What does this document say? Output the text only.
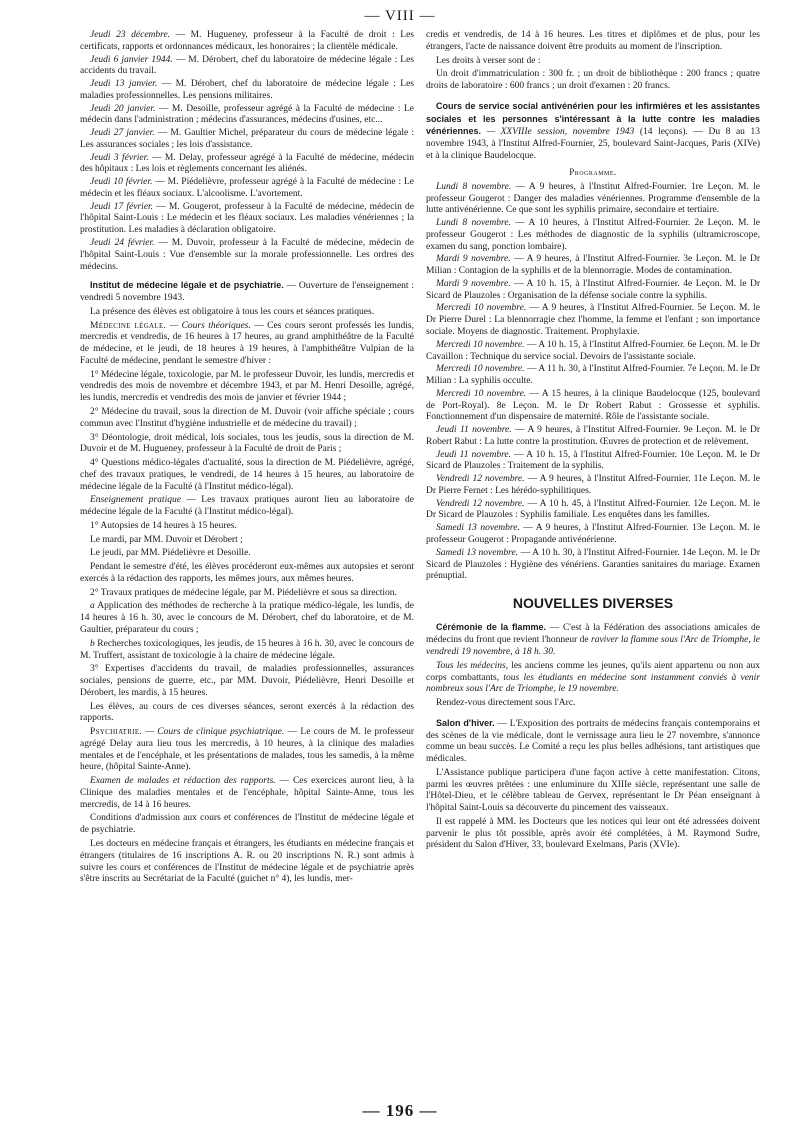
— VIII —

Jeudi 23 décembre. — M. Hugueney, professeur à la Faculté de droit : Les certificats, rapports et ordonnances médicaux, les honoraires ; la clientèle médicale.

Jeudi 6 janvier 1944. — M. Dérobert, chef du laboratoire de médecine légale : Les accidents du travail.

Jeudi 13 janvier. — M. Dérobert, chef du laboratoire de médecine légale : Les maladies professionnelles. Les pensions militaires.

Jeudi 20 janvier. — M. Desoille, professeur agrégé à la Faculté de médecine : Le médecin dans l'administration ; médecins d'assurances, médecins d'usines, etc...

Jeudi 27 janvier. — M. Gaultier Michel, préparateur du cours de médecine légale : Les assurances sociales ; les lois d'assistance.

Jeudi 3 février. — M. Delay, professeur agrégé à la Faculté de médecine, médecin des hôpitaux : Les lois et règlements concernant les aliénés.

Jeudi 10 février. — M. Piédelièvre, professeur agrégé à la Faculté de médecine : Le médecin et les fléaux sociaux. L'alcoolisme. L'avortement.

Jeudi 17 février. — M. Gougerot, professeur à la Faculté de médecine, médecin de l'hôpital Saint-Louis : Le médecin et les fléaux sociaux. Les maladies vénériennes ; la prostitution. Les maladies à déclaration obligatoire.

Jeudi 24 février. — M. Duvoir, professeur à la Faculté de médecine, médecin de l'hôpital Saint-Louis : Vue d'ensemble sur la morale professionnelle. Les ordres des médecins.

Institut de médecine légale et de psychiatrie. — Ouverture de l'enseignement : vendredi 5 novembre 1943.

La présence des élèves est obligatoire à tous les cours et séances pratiques.

Médecine légale. — Cours théoriques. — Ces cours seront professés les lundis, mercredis et vendredis, de 16 heures à 17 heures, au grand amphithéâtre de la Faculté de médecine, et le jeudi, de 18 heures à 19 heures, à l'amphithéâtre Vulpian de la Faculté de médecine, pendant le semestre d'hiver :

1° Médecine légale, toxicologie, par M. le professeur Duvoir, les lundis, mercredis et vendredis des mois de novembre et décembre 1943, et par M. Henri Desoille, agrégé, les lundis, mercredis et vendredis des mois de janvier et février 1944 ;

2° Médecine du travail, sous la direction de M. Duvoir (voir affiche spéciale ; cours commun avec l'Institut d'hygiène industrielle et de médecine du travail) ;

3° Déontologie, droit médical, lois sociales, tous les jeudis, sous la direction de M. Duvoir et de M. Hugueney, professeur à la Faculté de droit de Paris ;

4° Questions médico-légales d'actualité, sous la direction de M. Piédelièvre, agrégé, chef des travaux pratiques, le vendredi, de 14 heures à 15 heures, au laboratoire de médecine légale de la Faculté (à l'Institut médico-légal).

Enseignement pratique — Les travaux pratiques auront lieu au laboratoire de médecine légale de la Faculté (à l'Institut médico-légal).

1° Autopsies de 14 heures à 15 heures.

Le mardi, par MM. Duvoir et Dérobert ;

Le jeudi, par MM. Piédelièvre et Desoille.

Pendant le semestre d'été, les élèves procéderont eux-mêmes aux autopsies et seront exercés à la rédaction des rapports, les mêmes jours, aux mêmes heures.

2° Travaux pratiques de médecine légale, par M. Piédelièvre et sous sa direction.

a Application des méthodes de recherche à la pratique médico-légale, les lundis, de 14 heures à 16 h. 30, avec le concours de M. Dérobert, chef du laboratoire, et de M. Gaultier, préparateur du cours ;

b Recherches toxicologiques, les jeudis, de 15 heures à 16 h. 30, avec le concours de M. Truffert, assistant de toxicologie à la chaire de médecine légale.

3° Expertises d'accidents du travail, de maladies professionnelles, assurances sociales, pensions de guerre, etc., par MM. Duvoir, Piédelièvre, Henri Desoille et Dérobert, les mardis, à 15 heures.

Les élèves, au cours de ces diverses séances, seront exercés à la rédaction des rapports.

Psychiatrie. — Cours de clinique psychiatrique. — Le cours de M. le professeur agrégé Delay aura lieu tous les mercredis, à 10 heures, à la clinique des maladies mentales et de l'encéphale, et les présentations de malades, tous les samedis, à la même heure, (hôpital Sainte-Anne).

Examen de malades et rédaction des rapports. — Ces exercices auront lieu, à la Clinique des maladies mentales et de l'encéphale, hôpital Sainte-Anne, tous les mercredis, de 14 à 16 heures.

Conditions d'admission aux cours et conférences de l'Institut de médecine légale et de psychiatrie.

Les docteurs en médecine français et étrangers, les étudiants en médecine français et étrangers (titulaires de 16 inscriptions A. R. ou 20 inscriptions N. R.) sont admis à suivre les cours et conférences de l'Institut de médecine légale et de psychiatrie après s'être inscrits au Secrétariat de la Faculté (guichet n° 4), les lundis, mer-

credis et vendredis, de 14 à 16 heures. Les titres et diplômes et de plus, pour les étrangers, l'acte de naissance doivent être produits au moment de l'inscription.

Les droits à verser sont de :

Un droit d'immatriculation : 300 fr. ; un droit de bibliothèque : 200 francs ; quatre droits de laboratoire : 600 francs ; un droit d'examen : 20 francs.

Cours de service social antivénérien pour les infirmières et les assistantes sociales et les personnes s'intéressant à la lutte contre les maladies vénériennes. — XXVIIIe session, novembre 1943 (14 leçons). — Du 8 au 13 novembre 1943, à l'Institut Alfred-Fournier, 25, boulevard Saint-Jacques, Paris (XIVe) et à la clinique Baudelocque.

Programme.

Lundi 8 novembre. — A 9 heures, à l'Institut Alfred-Fournier. 1re Leçon. M. le professeur Gougerot : Danger des maladies vénériennes. Programme d'ensemble de la lutte antivénérienne. Ce que sont les syphilis primaire, secondaire et tertiaire.

Lundi 8 novembre. — A 10 heures, à l'Institut Alfred-Fournier. 2e Leçon. M. le professeur Gougerot : Les méthodes de diagnostic de la syphilis (ultramicroscope, examen du sang, ponction lombaire).

Mardi 9 novembre. — A 9 heures, à l'Institut Alfred-Fournier. 3e Leçon. M. le Dr Milian : Contagion de la syphilis et de la blennorragie. Modes de contamination.

Mardi 9 novembre. — A 10 h. 15, à l'Institut Alfred-Fournier. 4e Leçon. M. le Dr Sicard de Plauzoles : Organisation de la défense sociale contre la syphilis.

Mercredi 10 novembre. — A 9 heures, à l'Institut Alfred-Fournier. 5e Leçon. M. le Dr Pierre Durel : La blennorragie chez l'homme, la femme et l'enfant ; son importance sociale. Moyens de diagnostic. Traitement. Prophylaxie.

Mercredi 10 novembre. — A 10 h. 15, à l'Institut Alfred-Fournier. 6e Leçon. M. le Dr Cavaillon : Technique du service social. Devoirs de l'assistante sociale.

Mercredi 10 novembre. — A 11 h. 30, à l'Institut Alfred-Fournier. 7e Leçon. M. le Dr Milian : La syphilis occulte.

Mercredi 10 novembre. — A 15 heures, à la clinique Baudelocque (125, boulevard de Port-Royal). 8e Leçon. M. le Dr Robert Rabut : Grossesse et syphilis. Fonctionnement d'un dispensaire de maternité. Rôle de l'assistante sociale.

Jeudi 11 novembre. — A 9 heures, à l'Institut Alfred-Fournier. 9e Leçon. M. le Dr Robert Rabut : La lutte contre la prostitution. Œuvres de protection et de relèvement.

Jeudi 11 novembre. — A 10 h. 15, à l'Institut Alfred-Fournier. 10e Leçon. M. le Dr Sicard de Plauzoles : Traitement de la syphilis.

Vendredi 12 novembre. — A 9 heures, à l'Institut Alfred-Fournier. 11e Leçon. M. le Dr Pierre Fernet : Les hérédo-syphilitiques.

Vendredi 12 novembre. — A 10 h. 45, à l'Institut Alfred-Fournier. 12e Leçon. M. le Dr Sicard de Plauzoles : Syphilis familiale. Les enquêtes dans les familles.

Samedi 13 novembre. — A 9 heures, à l'Institut Alfred-Fournier. 13e Leçon. M. le professeur Gougerot : Propagande antivénérienne.

Samedi 13 novembre. — A 10 h. 30, à l'Institut Alfred-Fournier. 14e Leçon. M. le Dr Sicard de Plauzoles : Hygiène des vénériens. Garanties sanitaires du mariage. Examen prénuptial.

NOUVELLES DIVERSES

Cérémonie de la flamme. — C'est à la Fédération des associations amicales de médecins du front que revient l'honneur de raviver la flamme sous l'Arc de Triomphe, le vendredi 19 novembre, à 18 h. 30.

Tous les médecins, les anciens comme les jeunes, qu'ils aient appartenu ou non aux corps combattants, tous les étudiants en médecine sont instamment conviés à venir nombreux sous l'Arc de Triomphe, le 19 novembre.

Rendez-vous directement sous l'Arc.

Salon d'hiver. — L'Exposition des portraits de médecins français contemporains et des scènes de la vie médicale, dont le vernissage aura lieu le 27 novembre, s'annonce comme un beau succès. Le Comité a reçu les plus belles adhésions, tant artistiques que médicales.

L'Assistance publique participera d'une façon active à cette manifestation. Citons, parmi les œuvres prêtées : une enluminure du XIIIe siècle, représentant une salle de l'Hôtel-Dieu, et le célèbre tableau de Gervex, représentant le Dr Péan enseignant à l'hôpital Saint-Louis sa découverte du pincement des vaisseaux.

Il est rappelé à MM. les Docteurs que les notices qui leur ont été adressées doivent parvenir le plus tôt possible, après avoir été complétées, à M. Raymond Sudre, président du Salon d'Hiver, 33, boulevard Exelmans, Paris (XVIe).

— 196 —
